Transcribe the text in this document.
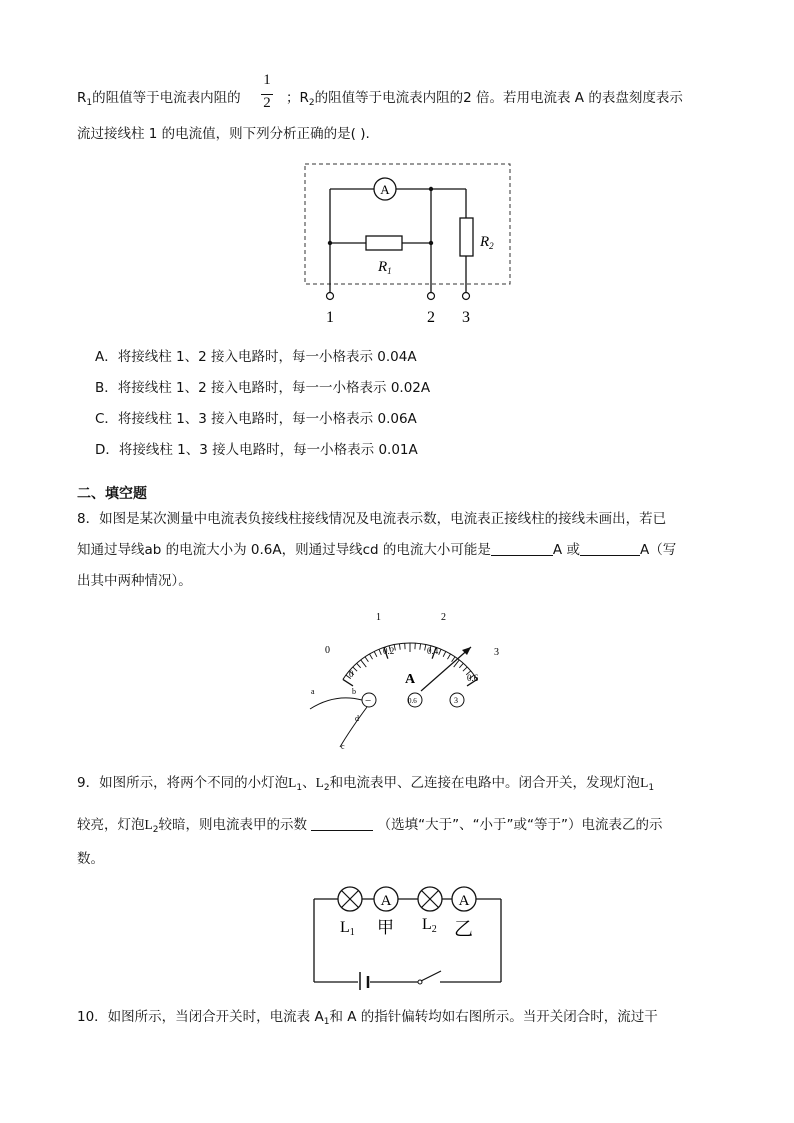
$R_1$的阻值等于电流表内阻的
1
2 ；$R_2$的阻值等于电流表内阻的2 倍。若用电流表 A 的表盘刻度表示
流过接线柱 1 的电流值，则下列分析正确的是( ).
A
$R_1$
$R_2$
1	2 3
A．将接线柱 1、2 接入电路时，每一小格表示 0.04A
B．将接线柱 1、2 接入电路时，每一一小格表示 0.02A
C．将接线柱 1、3 接入电路时，每一小格表示 0.06A
D．将接线柱 1、3 接人电路时，每一小格表示 0.01A
二、填空题
8．如图是某次测量中电流表负接线柱接线情况及电流表示数，电流表正接线柱的接线未画出，若已
知通过导线ab 的电流大小为 0.6A，则通过导线cd 的电流大小可能是	A 或	A（写
出其中两种情况）。
0
1	2
3
0
0.2	0.4
0.6
A
−	0.6	3
a	b
c
d
9．如图所示，将两个不同的小灯泡$L_1$、$L_2$和电流表甲、乙连接在电路中。闭合开关，发现灯泡$L_1$
较亮，灯泡$L_2$较暗，则电流表甲的示数	（选填“大于”、“小于”或“等于”）电流表乙的示
数。
A	A
L1 甲 L2 乙
10．如图所示，当闭合开关时，电流表 $A_1$和 A 的指针偏转均如右图所示。当开关闭合时，流过干
